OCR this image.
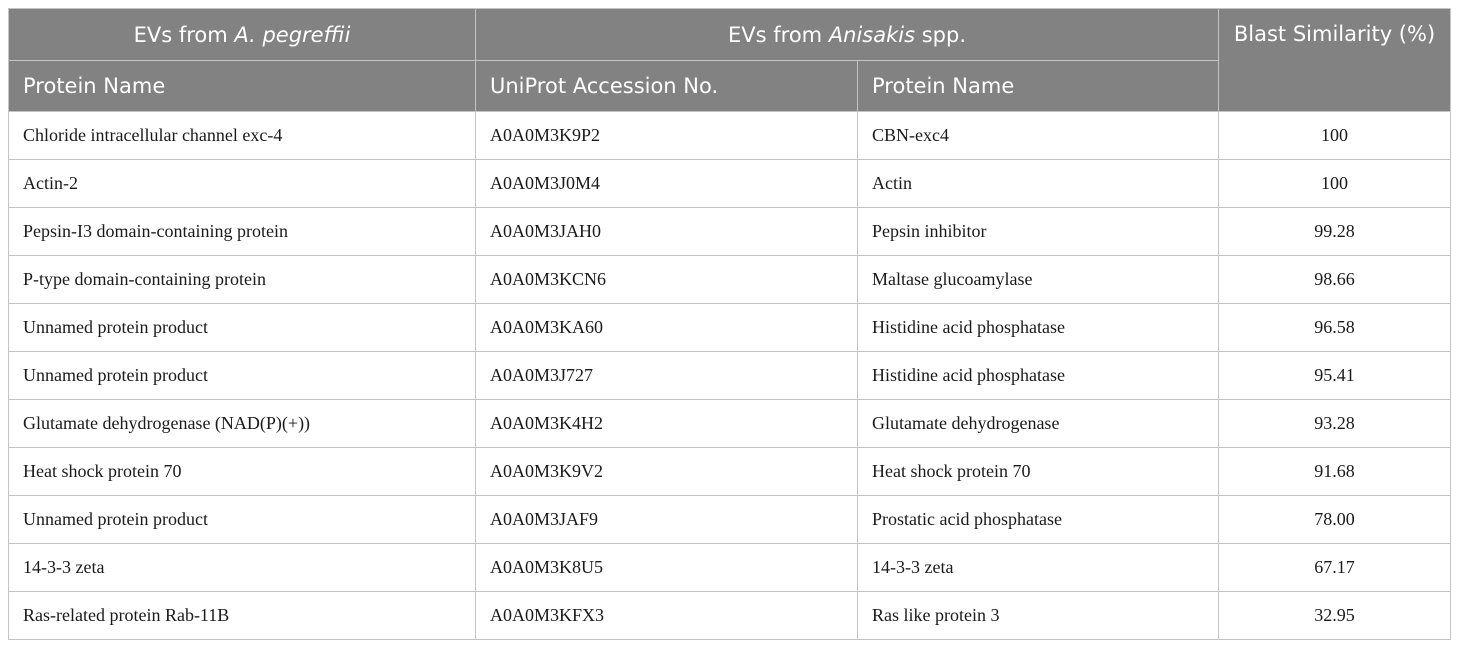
EVs from A. pegreffii	EVs from Anisakis spp.		Blast Similarity (%)
Protein Name	UniProt Accession No.	Protein Name	
Chloride intracellular channel exc-4	A0A0M3K9P2	CBN-exc4	100
Actin-2	A0A0M3J0M4	Actin	100
Pepsin-I3 domain-containing protein	A0A0M3JAH0	Pepsin inhibitor	99.28
P-type domain-containing protein	A0A0M3KCN6	Maltase glucoamylase	98.66
Unnamed protein product	A0A0M3KA60	Histidine acid phosphatase	96.58
Unnamed protein product	A0A0M3J727	Histidine acid phosphatase	95.41
Glutamate dehydrogenase (NAD(P)(+))	A0A0M3K4H2	Glutamate dehydrogenase	93.28
Heat shock protein 70	A0A0M3K9V2	Heat shock protein 70	91.68
Unnamed protein product	A0A0M3JAF9	Prostatic acid phosphatase	78.00
14-3-3 zeta	A0A0M3K8U5	14-3-3 zeta	67.17
Ras-related protein Rab-11B	A0A0M3KFX3	Ras like protein 3	32.95
